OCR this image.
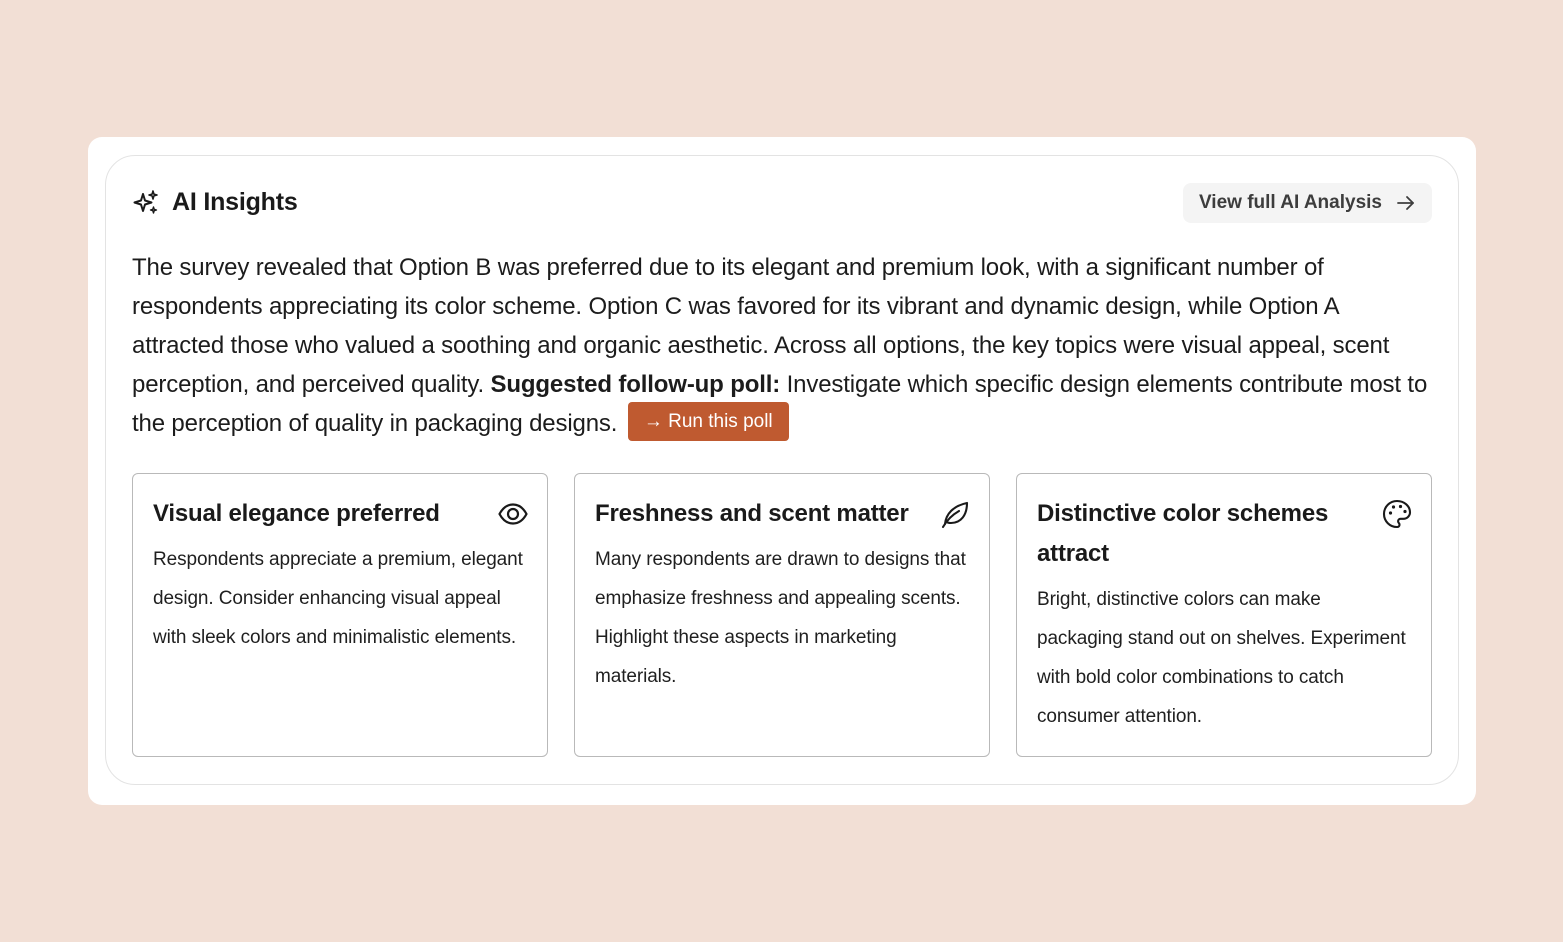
AI Insights	View full AI Analysis

The survey revealed that Option B was preferred due to its elegant and premium look, with a significant number of respondents appreciating its color scheme. Option C was favored for its vibrant and dynamic design, while Option A attracted those who valued a soothing and organic aesthetic. Across all options, the key topics were visual appeal, scent perception, and perceived quality. Suggested follow-up poll: Investigate which specific design elements contribute most to the perception of quality in packaging designs. → Run this poll

Visual elegance preferred
Respondents appreciate a premium, elegant design. Consider enhancing visual appeal with sleek colors and minimalistic elements.
Freshness and scent matter
Many respondents are drawn to designs that emphasize freshness and appealing scents. Highlight these aspects in marketing materials.
Distinctive color schemes attract
Bright, distinctive colors can make packaging stand out on shelves. Experiment with bold color combinations to catch consumer attention.
